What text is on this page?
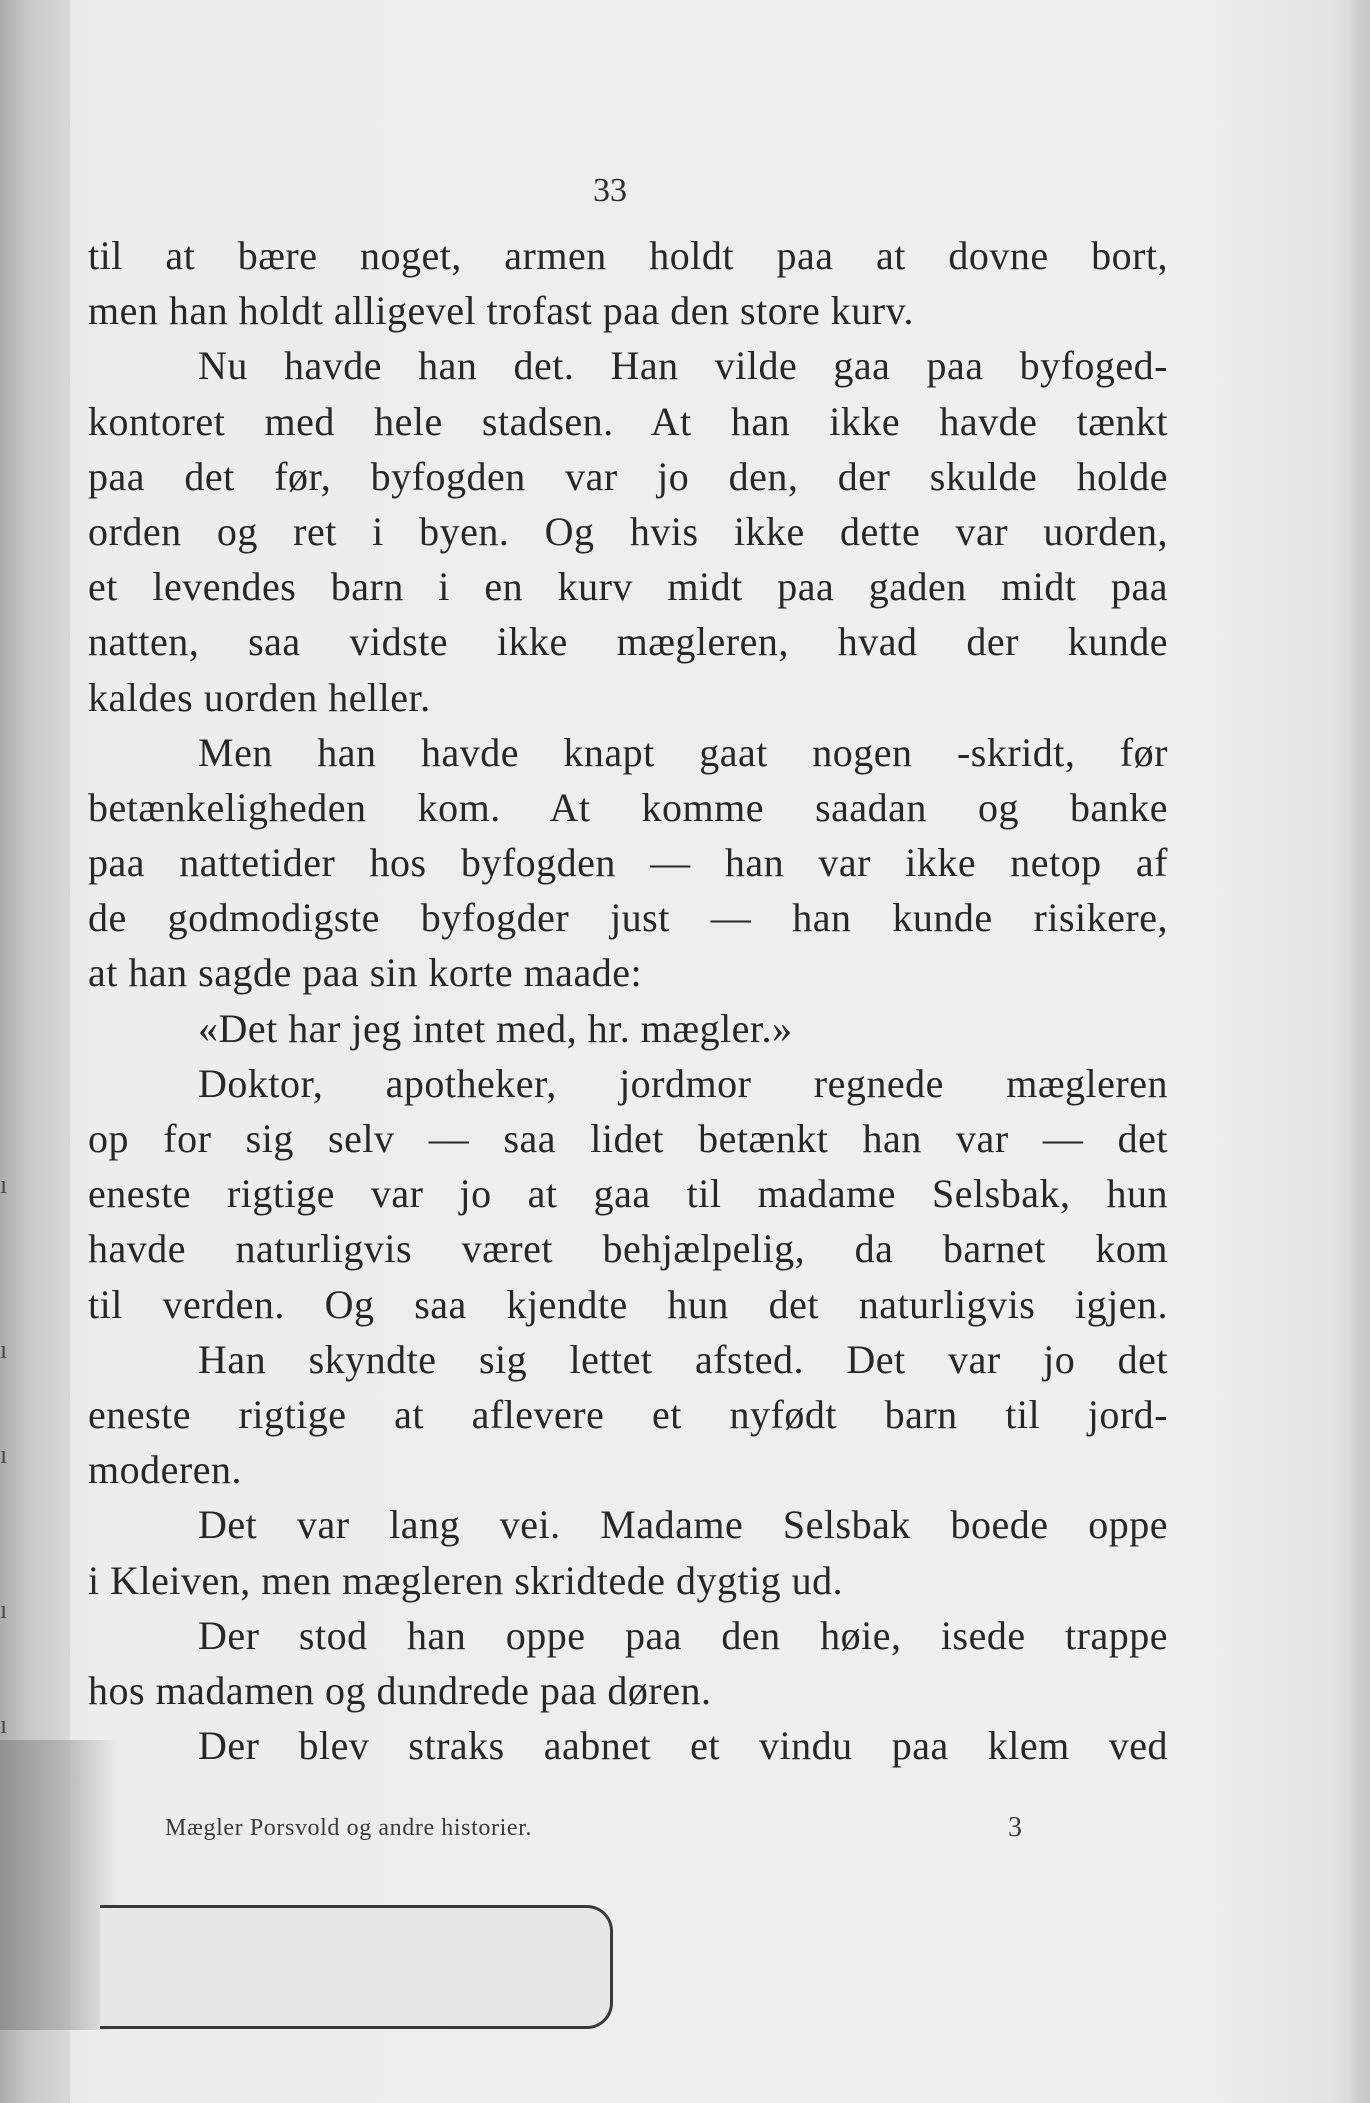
ı
ı
ı
ı
ı
33
til at bære noget, armen holdt paa at dovne bort,
men han holdt alligevel trofast paa den store kurv.
Nu havde han det. Han vilde gaa paa byfoged-
kontoret med hele stadsen. At han ikke havde tænkt
paa det før, byfogden var jo den, der skulde holde
orden og ret i byen. Og hvis ikke dette var uorden,
et levendes barn i en kurv midt paa gaden midt paa
natten, saa vidste ikke mægleren, hvad der kunde
kaldes uorden heller.
Men han havde knapt gaat nogen -skridt, før
betænkeligheden kom. At komme saadan og banke
paa nattetider hos byfogden — han var ikke netop af
de godmodigste byfogder just — han kunde risikere,
at han sagde paa sin korte maade:
«Det har jeg intet med, hr. mægler.»
Doktor, apotheker, jordmor regnede mægleren
op for sig selv — saa lidet betænkt han var — det
eneste rigtige var jo at gaa til madame Selsbak, hun
havde naturligvis været behjælpelig, da barnet kom
til verden. Og saa kjendte hun det naturligvis igjen.
Han skyndte sig lettet afsted. Det var jo det
eneste rigtige at aflevere et nyfødt barn til jord-
moderen.
Det var lang vei. Madame Selsbak boede oppe
i Kleiven, men mægleren skridtede dygtig ud.
Der stod han oppe paa den høie, isede trappe
hos madamen og dundrede paa døren.
Der blev straks aabnet et vindu paa klem ved
Mægler Porsvold og andre historier.	3
